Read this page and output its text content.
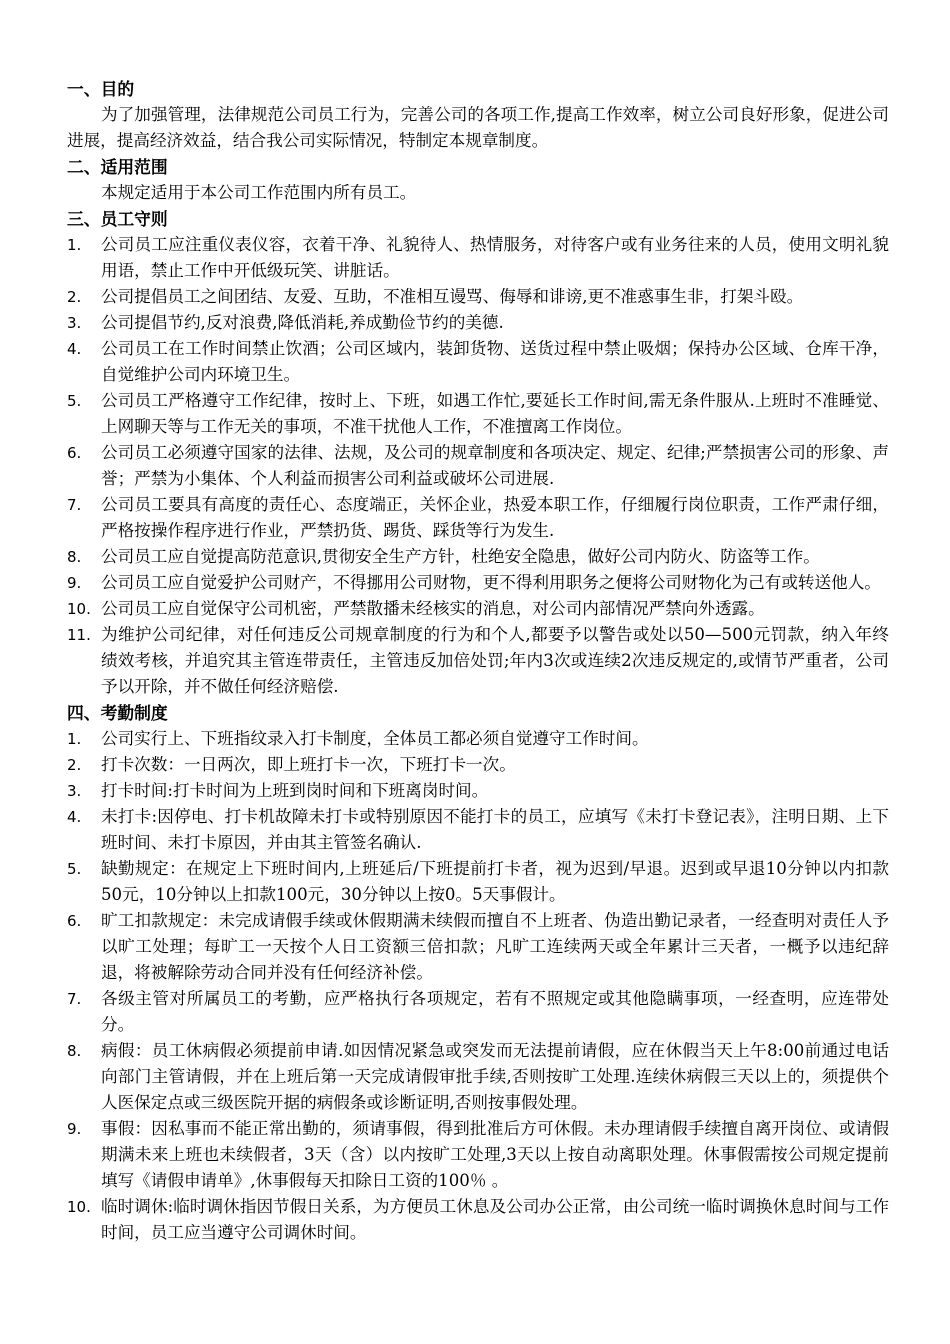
一、目的
为了加强管理，法律规范公司员工行为，完善公司的各项工作,提高工作效率，树立公司良好形象，促进公司进展，提高经济效益，结合我公司实际情况，特制定本规章制度。
二、适用范围
本规定适用于本公司工作范围内所有员工。
三、员工守则
1. 公司员工应注重仪表仪容，衣着干净、礼貌待人、热情服务，对待客户或有业务往来的人员，使用文明礼貌用语，禁止工作中开低级玩笑、讲脏话。
2. 公司提倡员工之间团结、友爱、互助，不准相互谩骂、侮辱和诽谤,更不准惑事生非，打架斗殴。
3. 公司提倡节约,反对浪费,降低消耗,养成勤俭节约的美德.
4. 公司员工在工作时间禁止饮酒；公司区域内，装卸货物、送货过程中禁止吸烟；保持办公区域、仓库干净，自觉维护公司内环境卫生。
5. 公司员工严格遵守工作纪律，按时上、下班，如遇工作忙,要延长工作时间,需无条件服从.上班时不准睡觉、上网聊天等与工作无关的事项，不准干扰他人工作，不准擅离工作岗位。
6. 公司员工必须遵守国家的法律、法规，及公司的规章制度和各项决定、规定、纪律;严禁损害公司的形象、声誉；严禁为小集体、个人利益而损害公司利益或破坏公司进展.
7. 公司员工要具有高度的责任心、态度端正，关怀企业，热爱本职工作，仔细履行岗位职责，工作严肃仔细，严格按操作程序进行作业，严禁扔货、踢货、踩货等行为发生.
8. 公司员工应自觉提高防范意识,贯彻安全生产方针，杜绝安全隐患，做好公司内防火、防盗等工作。
9. 公司员工应自觉爱护公司财产，不得挪用公司财物，更不得利用职务之便将公司财物化为己有或转送他人。
10. 公司员工应自觉保守公司机密，严禁散播未经核实的消息，对公司内部情况严禁向外透露。
11. 为维护公司纪律，对任何违反公司规章制度的行为和个人,都要予以警告或处以50—500元罚款，纳入年终绩效考核，并追究其主管连带责任，主管违反加倍处罚;年内3次或连续2次违反规定的,或情节严重者，公司予以开除，并不做任何经济赔偿.
四、考勤制度
1. 公司实行上、下班指纹录入打卡制度，全体员工都必须自觉遵守工作时间。
2. 打卡次数：一日两次，即上班打卡一次，下班打卡一次。
3. 打卡时间:打卡时间为上班到岗时间和下班离岗时间。
4. 未打卡:因停电、打卡机故障未打卡或特别原因不能打卡的员工，应填写《未打卡登记表》，注明日期、上下班时间、未打卡原因，并由其主管签名确认.
5. 缺勤规定：在规定上下班时间内,上班延后/下班提前打卡者，视为迟到/早退。迟到或早退10分钟以内扣款50元，10分钟以上扣款100元，30分钟以上按0。5天事假计。
6. 旷工扣款规定：未完成请假手续或休假期满未续假而擅自不上班者、伪造出勤记录者，一经查明对责任人予以旷工处理；每旷工一天按个人日工资额三倍扣款；凡旷工连续两天或全年累计三天者，一概予以违纪辞退，将被解除劳动合同并没有任何经济补偿。
7. 各级主管对所属员工的考勤，应严格执行各项规定，若有不照规定或其他隐瞒事项，一经查明，应连带处分。
8. 病假：员工休病假必须提前申请.如因情况紧急或突发而无法提前请假，应在休假当天上午8:00前通过电话向部门主管请假，并在上班后第一天完成请假审批手续,否则按旷工处理.连续休病假三天以上的，须提供个人医保定点或三级医院开据的病假条或诊断证明,否则按事假处理。
9. 事假：因私事而不能正常出勤的，须请事假，得到批准后方可休假。未办理请假手续擅自离开岗位、或请假期满未来上班也未续假者，3天（含）以内按旷工处理,3天以上按自动离职处理。休事假需按公司规定提前填写《请假申请单》,休事假每天扣除日工资的100％ 。
10. 临时调休:临时调休指因节假日关系，为方便员工休息及公司办公正常，由公司统一临时调换休息时间与工作时间，员工应当遵守公司调休时间。
